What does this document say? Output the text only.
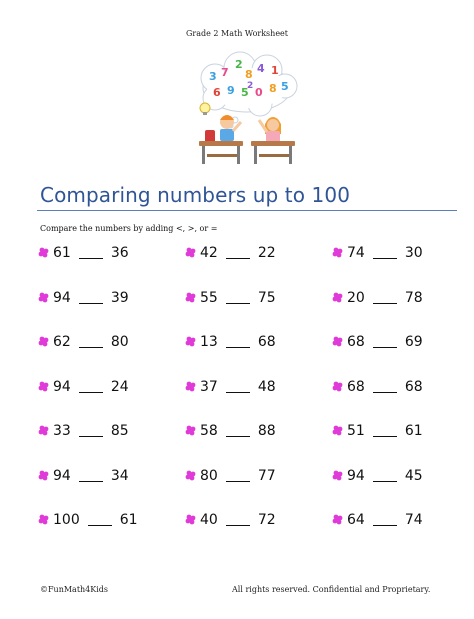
Grade 2 Math Worksheet
3 7
2
8 4 1
6 9 5 0 8 5
2
Comparing numbers up to 100
Compare the numbers by adding <, >, or =
61	36
94	39
62	80
94	24
33	85
94	34
100	61
42	22
55	75
13	68
37	48
58	88
80	77
40	72
74	30
20	78
68	69
68	68
51	61
94	45
64	74
©FunMath4Kids	All rights reserved. Confidential and Proprietary.
